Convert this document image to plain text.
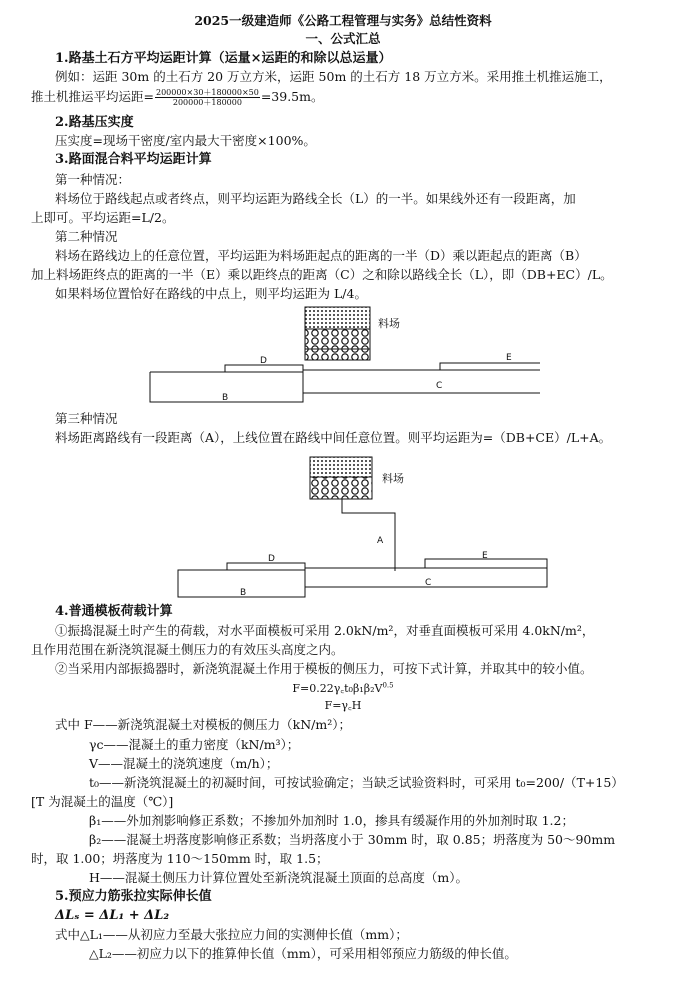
2025一级建造师《公路工程管理与实务》总结性资料
一、公式汇总
1.路基土石方平均运距计算（运量×运距的和除以总运量）
例如：运距 30m 的土石方 20 万立方米，运距 50m 的土石方 18 万立方米。采用推土机推运施工，
推土机推运平均运距= $\frac{200000\times 30+180000\times 50}{200000+180000} =39.5m$。
2.路基压实度
压实度=现场干密度/室内最大干密度×100%。
3.路面混合料平均运距计算
第一种情况：
料场位于路线起点或者终点，则平均运距为路线全长（L）的一半。如果线外还有一段距离，加
上即可。平均运距=L/2。
第二种情况
料场在路线边上的任意位置，平均运距为料场距起点的距离的一半（D）乘以距起点的距离（B）
加上料场距终点的距离的一半（E）乘以距终点的距离（C）之和除以路线全长（L），即（DB+EC）/L。
如果料场位置恰好在路线的中点上，则平均运距为 L/4。
料场
D	E
B
C
第三种情况
料场距离路线有一段距离（A），上线位置在路线中间任意位置。则平均运距为=（DB+CE）/L+A。
料场
A
D	E
B
C
4.普通模板荷载计算
①振捣混凝土时产生的荷载，对水平面模板可采用 2.0kN/m²，对垂直面模板可采用 4.0kN/m²，
且作用范围在新浇筑混凝土侧压力的有效压头高度之内。
②当采用内部振捣器时，新浇筑混凝土作用于模板的侧压力，可按下式计算，并取其中的较小值。
$F=0.22\gamma꜀t_0\beta_1\beta_2V^{0.5}$
F=γ꜀H
式中 F——新浇筑混凝土对模板的侧压力（kN/m²）；
γc——混凝土的重力密度（kN/m³）；
V——混凝土的浇筑速度（m/h）；
t₀——新浇筑混凝土的初凝时间，可按试验确定；当缺乏试验资料时，可采用 t₀=200/（T+15）
[T 为混凝土的温度（℃）]
β₁——外加剂影响修正系数；不掺加外加剂时 1.0，掺具有缓凝作用的外加剂时取 1.2；
β₂——混凝土坍落度影响修正系数；当坍落度小于 30mm 时，取 0.85；坍落度为 50～90mm
时，取 1.00；坍落度为 110～150mm 时，取 1.5；
H——混凝土侧压力计算位置处至新浇筑混凝土顶面的总高度（m）。
5.预应力筋张拉实际伸长值
ΔLₛ = ΔL₁ + ΔL₂
式中△L₁——从初应力至最大张拉应力间的实测伸长值（mm）；
△L₂——初应力以下的推算伸长值（mm），可采用相邻预应力筋级的伸长值。
